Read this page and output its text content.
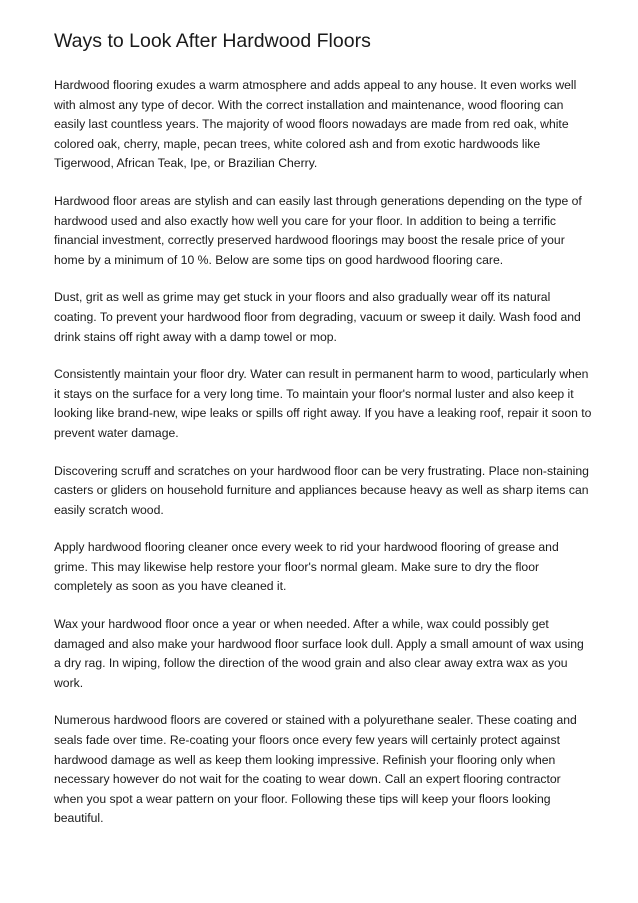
Ways to Look After Hardwood Floors

Hardwood flooring exudes a warm atmosphere and adds appeal to any house. It even works well with almost any type of decor. With the correct installation and maintenance, wood flooring can easily last countless years. The majority of wood floors nowadays are made from red oak, white colored oak, cherry, maple, pecan trees, white colored ash and from exotic hardwoods like Tigerwood, African Teak, Ipe, or Brazilian Cherry.

Hardwood floor areas are stylish and can easily last through generations depending on the type of hardwood used and also exactly how well you care for your floor. In addition to being a terrific financial investment, correctly preserved hardwood floorings may boost the resale price of your home by a minimum of 10 %. Below are some tips on good hardwood flooring care.

Dust, grit as well as grime may get stuck in your floors and also gradually wear off its natural coating. To prevent your hardwood floor from degrading, vacuum or sweep it daily. Wash food and drink stains off right away with a damp towel or mop.

Consistently maintain your floor dry. Water can result in permanent harm to wood, particularly when it stays on the surface for a very long time. To maintain your floor's normal luster and also keep it looking like brand-new, wipe leaks or spills off right away. If you have a leaking roof, repair it soon to prevent water damage.

Discovering scruff and scratches on your hardwood floor can be very frustrating. Place non-staining casters or gliders on household furniture and appliances because heavy as well as sharp items can easily scratch wood.

Apply hardwood flooring cleaner once every week to rid your hardwood flooring of grease and grime. This may likewise help restore your floor's normal gleam. Make sure to dry the floor completely as soon as you have cleaned it.

Wax your hardwood floor once a year or when needed. After a while, wax could possibly get damaged and also make your hardwood floor surface look dull. Apply a small amount of wax using a dry rag. In wiping, follow the direction of the wood grain and also clear away extra wax as you work.

Numerous hardwood floors are covered or stained with a polyurethane sealer. These coating and seals fade over time. Re-coating your floors once every few years will certainly protect against hardwood damage as well as keep them looking impressive. Refinish your flooring only when necessary however do not wait for the coating to wear down. Call an expert flooring contractor when you spot a wear pattern on your floor. Following these tips will keep your floors looking beautiful.
